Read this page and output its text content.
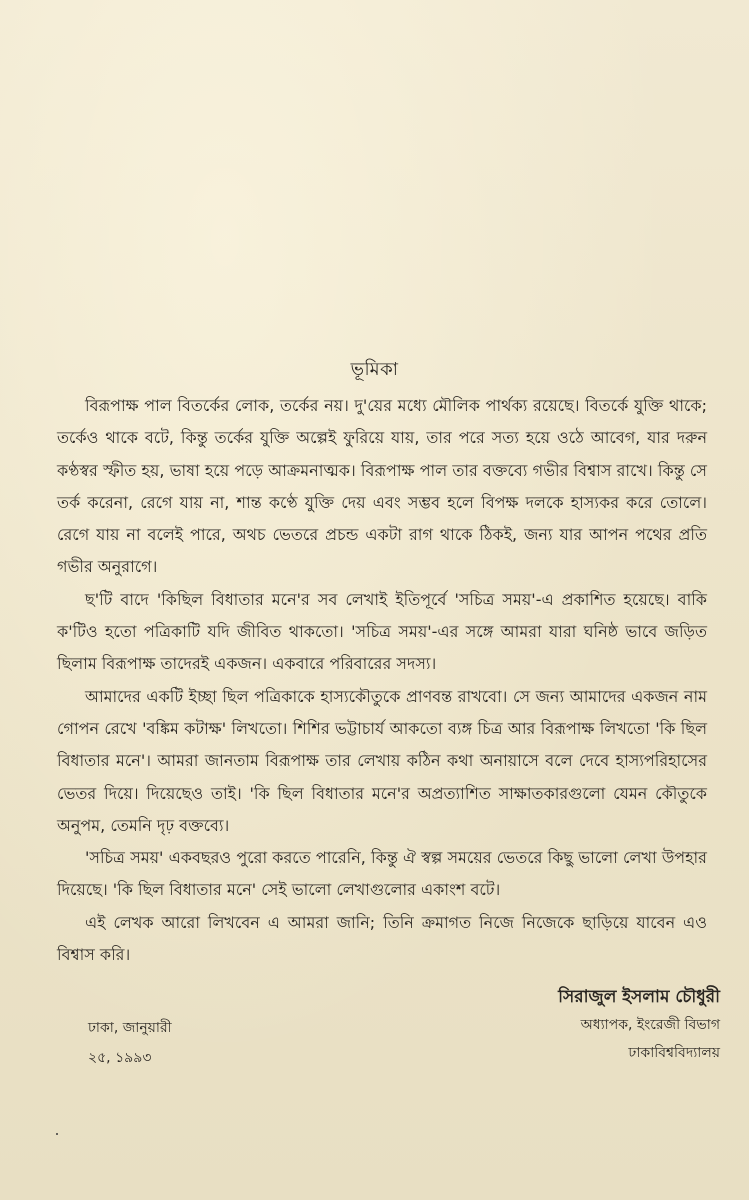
ভূমিকা

বিরূপাক্ষ পাল বিতর্কের লোক, তর্কের নয়। দু'য়ের মধ্যে মৌলিক পার্থক্য রয়েছে। বিতর্কে যুক্তি থাকে; তর্কেও থাকে বটে, কিন্তু তর্কের যুক্তি অল্পেই ফুরিয়ে যায়, তার পরে সত্য হয়ে ওঠে আবেগ, যার দরুন কণ্ঠস্বর স্ফীত হয়, ভাষা হয়ে পড়ে আক্রমনাত্মক। বিরূপাক্ষ পাল তার বক্তব্যে গভীর বিশ্বাস রাখে। কিন্তু সে তর্ক করেনা, রেগে যায় না, শান্ত কণ্ঠে যুক্তি দেয় এবং সম্ভব হলে বিপক্ষ দলকে হাস্যকর করে তোলে। রেগে যায় না বলেই পারে, অথচ ভেতরে প্রচন্ড একটা রাগ থাকে ঠিকই, জন্য যার আপন পথের প্রতি গভীর অনুরাগে।

ছ'টি বাদে 'কিছিল বিধাতার মনে'র সব লেখাই ইতিপূর্বে 'সচিত্র সময়'-এ প্রকাশিত হয়েছে। বাকি ক'টিও হতো পত্রিকাটি যদি জীবিত থাকতো। 'সচিত্র সময়'-এর সঙ্গে আমরা যারা ঘনিষ্ঠ ভাবে জড়িত ছিলাম বিরূপাক্ষ তাদেরই একজন। একবারে পরিবারের সদস্য।

আমাদের একটি ইচ্ছা ছিল পত্রিকাকে হাস্যকৌতুকে প্রাণবন্ত রাখবো। সে জন্য আমাদের একজন নাম গোপন রেখে 'বঙ্কিম কটাক্ষ' লিখতো। শিশির ভট্টাচার্য আকতো ব্যঙ্গ চিত্র আর বিরূপাক্ষ লিখতো 'কি ছিল বিধাতার মনে'। আমরা জানতাম বিরূপাক্ষ তার লেখায় কঠিন কথা অনায়াসে বলে দেবে হাস্যপরিহাসের ভেতর দিয়ে। দিয়েছেও তাই। 'কি ছিল বিধাতার মনে'র অপ্রত্যাশিত সাক্ষাতকারগুলো যেমন কৌতুকে অনুপম, তেমনি দৃঢ় বক্তব্যে।

'সচিত্র সময়' একবছরও পুরো করতে পারেনি, কিন্তু ঐ স্বল্প সময়ের ভেতরে কিছু ভালো লেখা উপহার দিয়েছে। 'কি ছিল বিধাতার মনে' সেই ভালো লেখাগুলোর একাংশ বটে।

এই লেখক আরো লিখবেন এ আমরা জানি; তিনি ক্রমাগত নিজে নিজেকে ছাড়িয়ে যাবেন এও বিশ্বাস করি।

সিরাজুল ইসলাম চৌধুরী
অধ্যাপক, ইংরেজী বিভাগ
ঢাকাবিশ্ববিদ্যালয়
ঢাকা, জানুয়ারী
২৫, ১৯৯৩
